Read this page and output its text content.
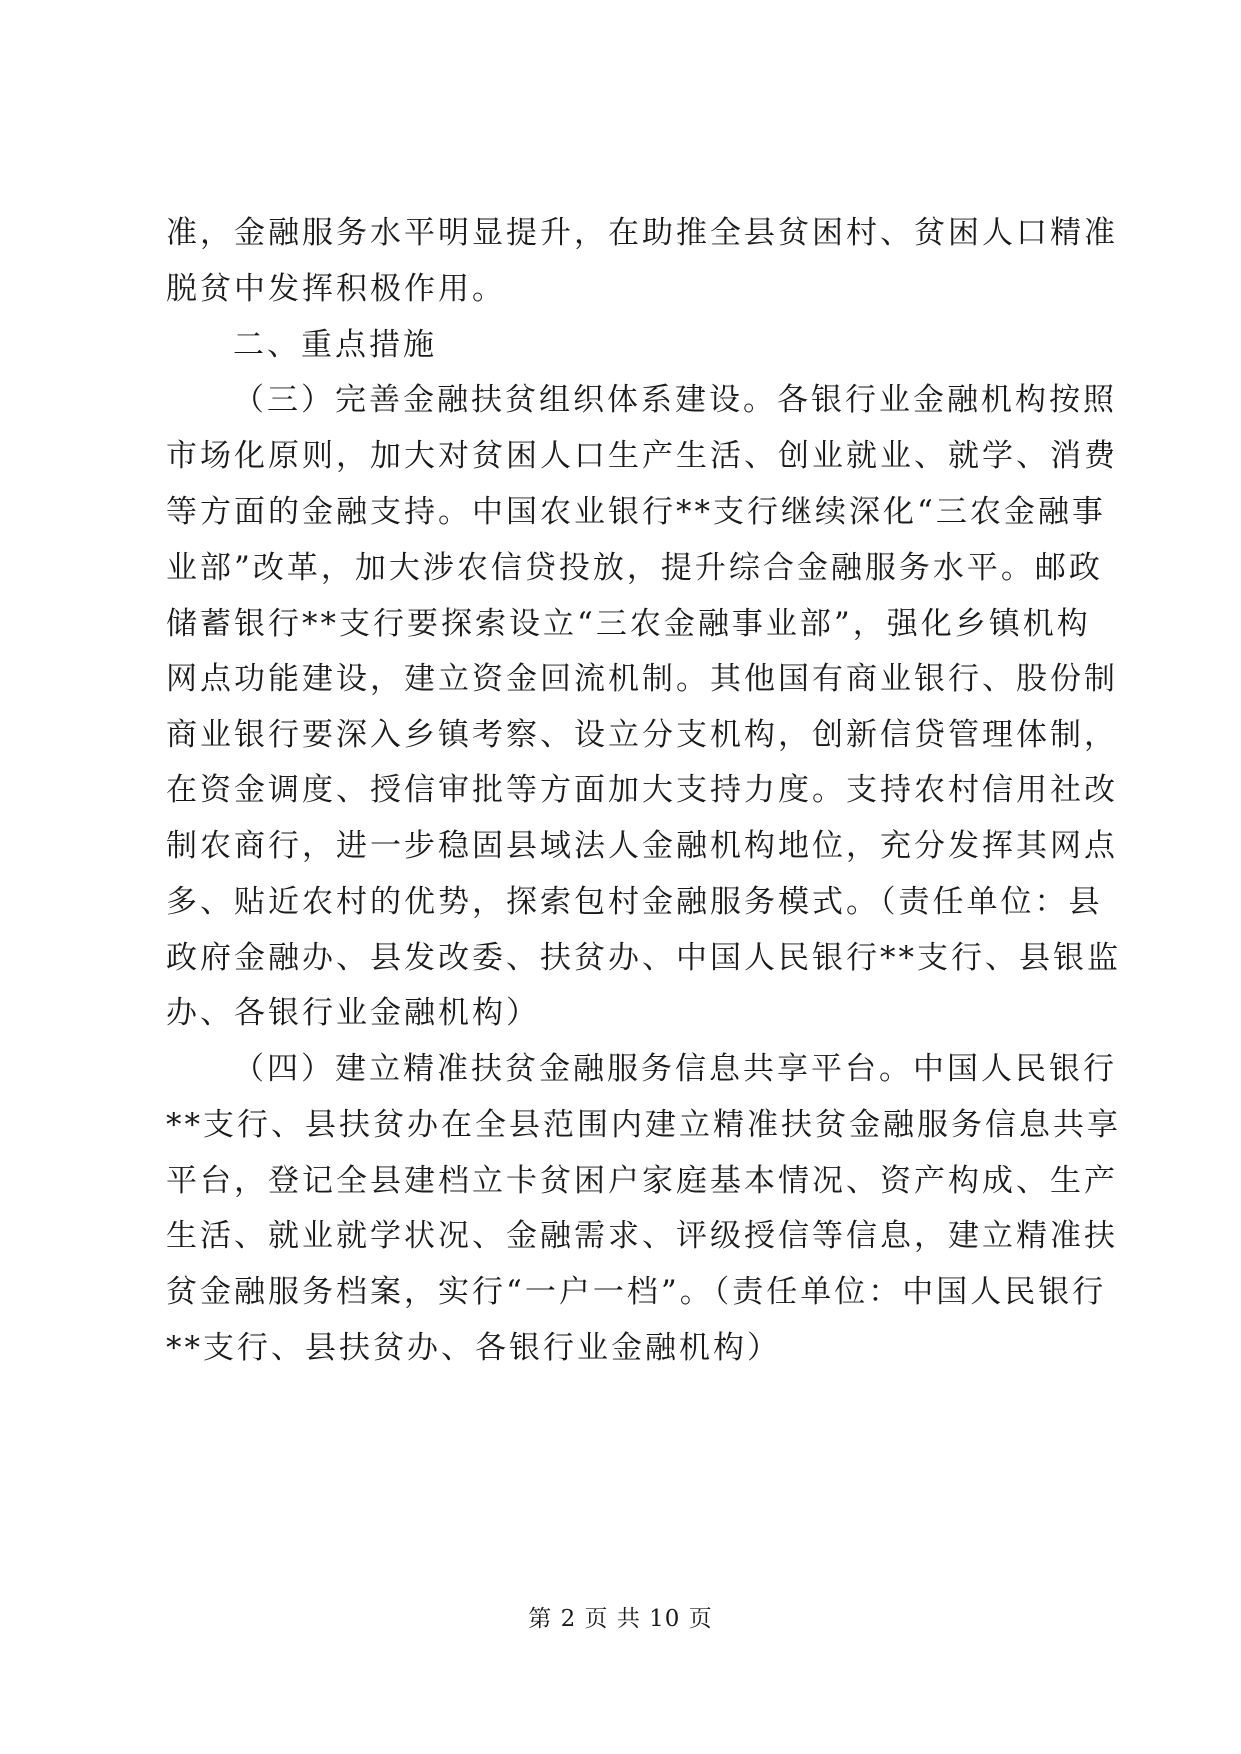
准，金融服务水平明显提升，在助推全县贫困村、贫困人口精准
脱贫中发挥积极作用。
二、重点措施
（三）完善金融扶贫组织体系建设。各银行业金融机构按照
市场化原则，加大对贫困人口生产生活、创业就业、就学、消费
等方面的金融支持。中国农业银行**支行继续深化“三农金融事
业部”改革，加大涉农信贷投放，提升综合金融服务水平。邮政
储蓄银行**支行要探索设立“三农金融事业部”，强化乡镇机构
网点功能建设，建立资金回流机制。其他国有商业银行、股份制
商业银行要深入乡镇考察、设立分支机构，创新信贷管理体制，
在资金调度、授信审批等方面加大支持力度。支持农村信用社改
制农商行，进一步稳固县域法人金融机构地位，充分发挥其网点
多、贴近农村的优势，探索包村金融服务模式。（责任单位：县
政府金融办、县发改委、扶贫办、中国人民银行**支行、县银监
办、各银行业金融机构）
（四）建立精准扶贫金融服务信息共享平台。中国人民银行
**支行、县扶贫办在全县范围内建立精准扶贫金融服务信息共享
平台，登记全县建档立卡贫困户家庭基本情况、资产构成、生产
生活、就业就学状况、金融需求、评级授信等信息，建立精准扶
贫金融服务档案，实行“一户一档”。（责任单位：中国人民银行
**支行、县扶贫办、各银行业金融机构）
第 2 页 共 10 页
